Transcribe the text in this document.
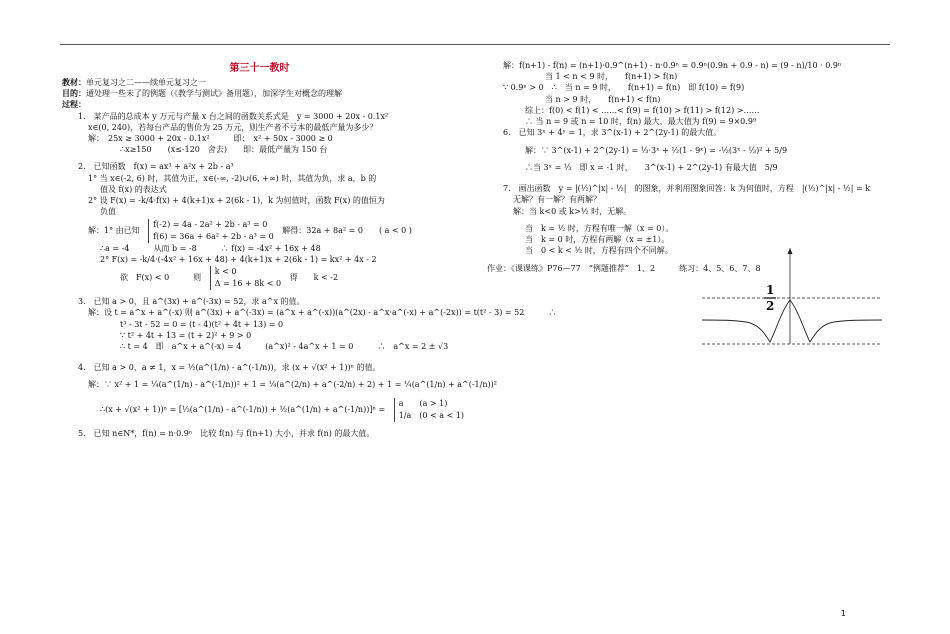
第三十一教时
教材：单元复习之二——续单元复习之一
目的：通处理一些未了的例题（《教学与测试》备用题），加深学生对概念的理解
过程：
1.　某产品的总成本 y 万元与产量 x 台之间的函数关系式是　y = 3000 + 20x - 0.1x²
x∈(0, 240)，若每台产品的售价为 25 万元，则生产者不亏本的最低产量为多少？
解：　25x ≥ 3000 + 20x - 0.1x²　　　即：　x² + 50x - 3000 ≥ 0
∴x≥150　　(x≤-120　舍去)　　即：最低产量为 150 台
2.　已知函数　f(x) = ax³ + a²x + 2b - a³
1° 当 x∈(-2, 6) 时，其值为正，x∈(-∞, -2)∪(6, +∞) 时，其值为负，求 a，b 的
值及 f(x) 的表达式
2° 设 F(x) = -k/4·f(x) + 4(k+1)x + 2(6k - 1)，k 为何值时，函数 F(x) 的值恒为
负值
解：1° 由已知
f(-2) = 4a - 2a² + 2b - a³ = 0
f(6) = 36a + 6a² + 2b - a³ = 0
解得：32a + 8a² = 0　　( a < 0 )
∴a = -4　　　从而 b = -8　　　∴ f(x) = -4x² + 16x + 48
2° F(x) = -k/4·(-4x² + 16x + 48) + 4(k+1)x + 2(6k - 1) = kx² + 4x - 2
欲　F(x) < 0　　　则
k < 0
Δ = 16 + 8k < 0
得　　k < -2
3.　已知 a > 0，且 a^(3x) + a^(-3x) = 52，求 a^x 的值。
解：设 t = a^x + a^(-x) 则 a^(3x) + a^(-3x) = (a^x + a^(-x))(a^(2x) - a^x·a^(-x) + a^(-2x)) = t(t² - 3) = 52　　　∴
t³ - 3t - 52 = 0 = (t - 4)(t² + 4t + 13) = 0
∵ t² + 4t + 13 = (t + 2)² + 9 > 0
∴ t = 4　即　a^x + a^(-x) = 4　　　(a^x)² - 4a^x + 1 = 0　　　∴　a^x = 2 ± √3
4.　已知 a > 0，a ≠ 1，x = ½(a^(1/n) - a^(-1/n))，求 (x + √(x² + 1))ⁿ 的值。
解：∵ x² + 1 = ¼(a^(1/n) - a^(-1/n))² + 1 = ¼(a^(2/n) + a^(-2/n) + 2) + 1 = ¼(a^(1/n) + a^(-1/n))²
∴(x + √(x² + 1))ⁿ = [½(a^(1/n) - a^(-1/n)) + ½(a^(1/n) + a^(-1/n))]ⁿ =
a　　(a > 1)
1/a　(0 < a < 1)
5.　已知 n∈N*，f(n) = n·0.9ⁿ　比较 f(n) 与 f(n+1) 大小，并求 f(n) 的最大值。
解：f(n+1) - f(n) = (n+1)·0.9^(n+1) - n·0.9ⁿ = 0.9ⁿ(0.9n + 0.9 - n) = (9 - n)/10 · 0.9ⁿ
当 1 < n < 9 时，　　f(n+1) > f(n)
∵ 0.9ⁿ > 0　∴　当 n = 9 时，　　f(n+1) = f(n)　即 f(10) = f(9)
当 n > 9 时，　　f(n+1) < f(n)
综上：f(0) < f(1) < ……< f(9) = f(10) > f(11) > f(12) >……
∴ 当 n = 9 或 n = 10 时，f(n) 最大，最大值为 f(9) = 9×0.9⁹
6.　已知 3ˣ + 4ʸ = 1，求 3^(x-1) + 2^(2y-1) 的最大值。
解：∵ 3^(x-1) + 2^(2y-1) = ⅓·3ˣ + ½(1 - 9ˣ) = -½(3ˣ - ⅓)² + 5/9
∴当 3ˣ = ⅓　即 x = -1 时，　　3^(x-1) + 2^(2y-1) 有最大值　5/9
7.　画出函数　y = |(½)^|x| - ½|　的图象，并利用图象回答：k 为何值时，方程　|(½)^|x| - ½| = k
无解？有一解？有两解？
解：当 k<0 或 k>½ 时，无解。
当　k = ½ 时，方程有唯一解（x = 0）。
当　k = 0 时，方程有两解（x = ±1）。
当　0 < k < ½ 时，方程有四个不同解。
作业：《课课练》P76—77　“例题推荐”　1、2　　　练习：4、5、6、7、8
1
2
1
